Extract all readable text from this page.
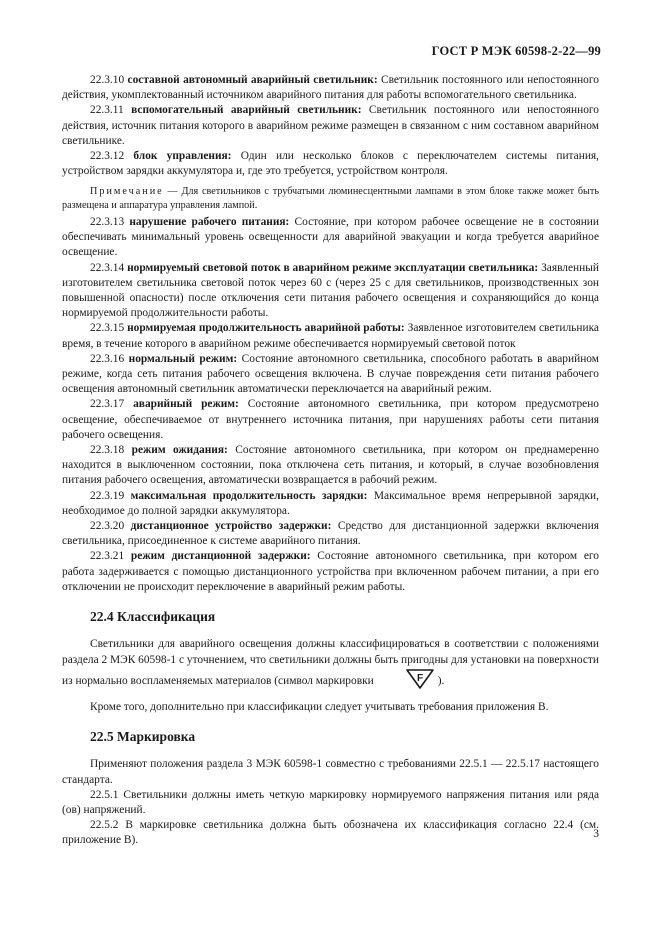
ГОСТ Р МЭК 60598-2-22—99

22.3.10 составной автономный аварийный светильник: Светильник постоянного или непостоянного действия, укомплектованный источником аварийного питания для работы вспомогательного светильника.

22.3.11 вспомогательный аварийный светильник: Светильник постоянного или непостоянного действия, источник питания которого в аварийном режиме размещен в связанном с ним составном аварийном светильнике.

22.3.12 блок управления: Один или несколько блоков с переключателем системы питания, устройством зарядки аккумулятора и, где это требуется, устройством контроля.

Примечание — Для светильников с трубчатыми люминесцентными лампами в этом блоке также может быть размещена и аппаратура управления лампой.

22.3.13 нарушение рабочего питания: Состояние, при котором рабочее освещение не в состоянии обеспечивать минимальный уровень освещенности для аварийной эвакуации и когда требуется аварийное освещение.

22.3.14 нормируемый световой поток в аварийном режиме эксплуатации светильника: Заявленный изготовителем светильника световой поток через 60 с (через 25 с для светильников, производственных зон повышенной опасности) после отключения сети питания рабочего освещения и сохраняющийся до конца нормируемой продолжительности работы.

22.3.15 нормируемая продолжительность аварийной работы: Заявленное изготовителем светильника время, в течение которого в аварийном режиме обеспечивается нормируемый световой поток

22.3.16 нормальный режим: Состояние автономного светильника, способного работать в аварийном режиме, когда сеть питания рабочего освещения включена. В случае повреждения сети питания рабочего освещения автономный светильник автоматически переключается на аварийный режим.

22.3.17 аварийный режим: Состояние автономного светильника, при котором предусмотрено освещение, обеспечиваемое от внутреннего источника питания, при нарушениях работы сети питания рабочего освещения.

22.3.18 режим ожидания: Состояние автономного светильника, при котором он преднамеренно находится в выключенном состоянии, пока отключена сеть питания, и который, в случае возобновления питания рабочего освещения, автоматически возвращается в рабочий режим.

22.3.19 максимальная продолжительность зарядки: Максимальное время непрерывной зарядки, необходимое до полной зарядки аккумулятора.

22.3.20 дистанционное устройство задержки: Средство для дистанционной задержки включения светильника, присоединенное к системе аварийного питания.

22.3.21 режим дистанционной задержки: Состояние автономного светильника, при котором его работа задерживается с помощью дистанционного устройства при включенном рабочем питании, а при его отключении не происходит переключение в аварийный режим работы.

22.4 Классификация

Светильники для аварийного освещения должны классифицироваться в соответствии с положениями раздела 2 МЭК 60598-1 с уточнением, что светильники должны быть пригодны для установки на поверхности из нормально воспламеняемых материалов (символ маркировки	F ).

Кроме того, дополнительно при классификации следует учитывать требования приложения В.

22.5 Маркировка

Применяют положения раздела 3 МЭК 60598-1 совместно с требованиями 22.5.1 — 22.5.17 настоящего стандарта.

22.5.1 Светильники должны иметь четкую маркировку нормируемого напряжения питания или ряда (ов) напряжений.

22.5.2 В маркировке светильника должна быть обозначена их классификация согласно 22.4 (см. приложение В).

3
